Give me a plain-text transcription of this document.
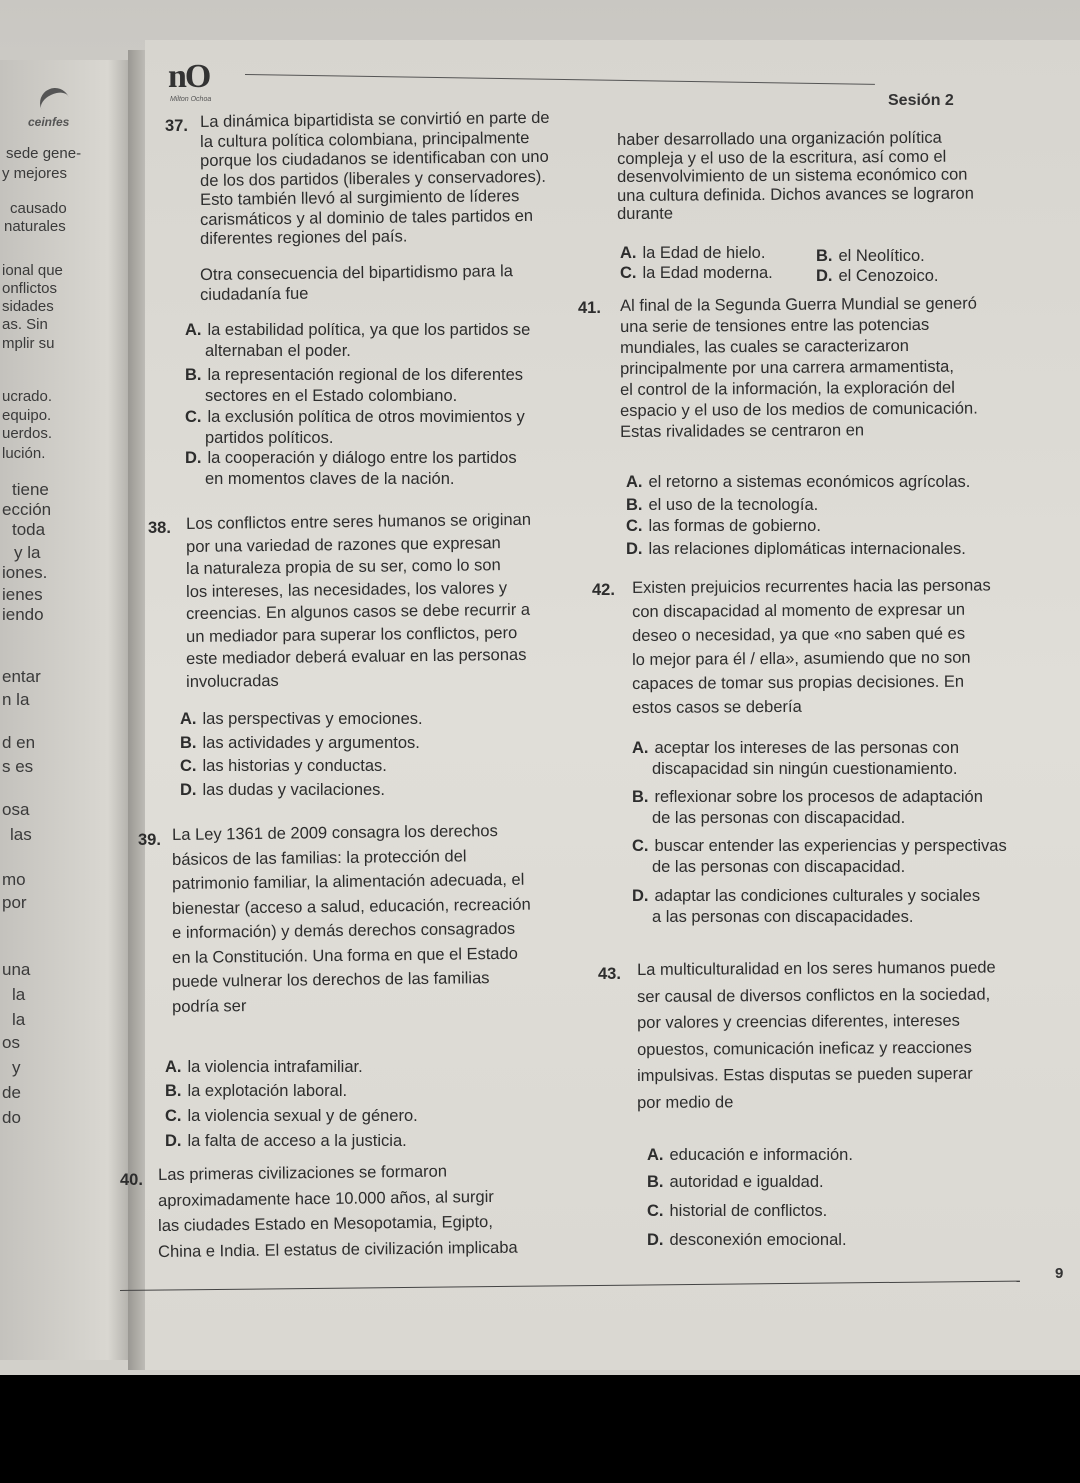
ceinfes
sede gene-
y mejores
causado
naturales
ional que
onflictos
sidades
as. Sin
mplir su
ucrado.
equipo.
uerdos.
lución.
tiene
ección
toda
y la
iones.
ienes
iendo
entar
n la
d en
s es
osa
las
mo
por
una
la
la
os
y
de
do
nO
Milton Ochoa	Sesión 2
37. La dinámica bipartidista se convirtió en parte de
la cultura política colombiana, principalmente
porque los ciudadanos se identificaban con uno
de los dos partidos (liberales y conservadores).
Esto también llevó al surgimiento de líderes
carismáticos y al dominio de tales partidos en
diferentes regiones del país.
Otra consecuencia del bipartidismo para la
ciudadanía fue
A. la estabilidad política, ya que los partidos se
alternaban el poder.
B. la representación regional de los diferentes
sectores en el Estado colombiano.
C. la exclusión política de otros movimientos y
partidos políticos.
D. la cooperación y diálogo entre los partidos
en momentos claves de la nación.
38. Los conflictos entre seres humanos se originan
por una variedad de razones que expresan
la naturaleza propia de su ser, como lo son
los intereses, las necesidades, los valores y
creencias. En algunos casos se debe recurrir a
un mediador para superar los conflictos, pero
este mediador deberá evaluar en las personas
involucradas
A. las perspectivas y emociones.
B. las actividades y argumentos.
C. las historias y conductas.
D. las dudas y vacilaciones.
39. La Ley 1361 de 2009 consagra los derechos
básicos de las familias: la protección del
patrimonio familiar, la alimentación adecuada, el
bienestar (acceso a salud, educación, recreación
e información) y demás derechos consagrados
en la Constitución. Una forma en que el Estado
puede vulnerar los derechos de las familias
podría ser
A. la violencia intrafamiliar.
B. la explotación laboral.
C. la violencia sexual y de género.
D. la falta de acceso a la justicia.
40. Las primeras civilizaciones se formaron
aproximadamente hace 10.000 años, al surgir
las ciudades Estado en Mesopotamia, Egipto,
China e India. El estatus de civilización implicaba
haber desarrollado una organización política
compleja y el uso de la escritura, así como el
desenvolvimiento de un sistema económico con
una cultura definida. Dichos avances se lograron
durante
A. la Edad de hielo.	B. el Neolítico.
C. la Edad moderna.	D. el Cenozoico.
41. Al final de la Segunda Guerra Mundial se generó
una serie de tensiones entre las potencias
mundiales, las cuales se caracterizaron
principalmente por una carrera armamentista,
el control de la información, la exploración del
espacio y el uso de los medios de comunicación.
Estas rivalidades se centraron en
A. el retorno a sistemas económicos agrícolas.
B. el uso de la tecnología.
C. las formas de gobierno.
D. las relaciones diplomáticas internacionales.
42. Existen prejuicios recurrentes hacia las personas
con discapacidad al momento de expresar un
deseo o necesidad, ya que «no saben qué es
lo mejor para él / ella», asumiendo que no son
capaces de tomar sus propias decisiones. En
estos casos se debería
A. aceptar los intereses de las personas con
discapacidad sin ningún cuestionamiento.
B. reflexionar sobre los procesos de adaptación
de las personas con discapacidad.
C. buscar entender las experiencias y perspectivas
de las personas con discapacidad.
D. adaptar las condiciones culturales y sociales
a las personas con discapacidades.
43. La multiculturalidad en los seres humanos puede
ser causal de diversos conflictos en la sociedad,
por valores y creencias diferentes, intereses
opuestos, comunicación ineficaz y reacciones
impulsivas. Estas disputas se pueden superar
por medio de
A. educación e información.
B. autoridad e igualdad.
C. historial de conflictos.
D. desconexión emocional.
9
